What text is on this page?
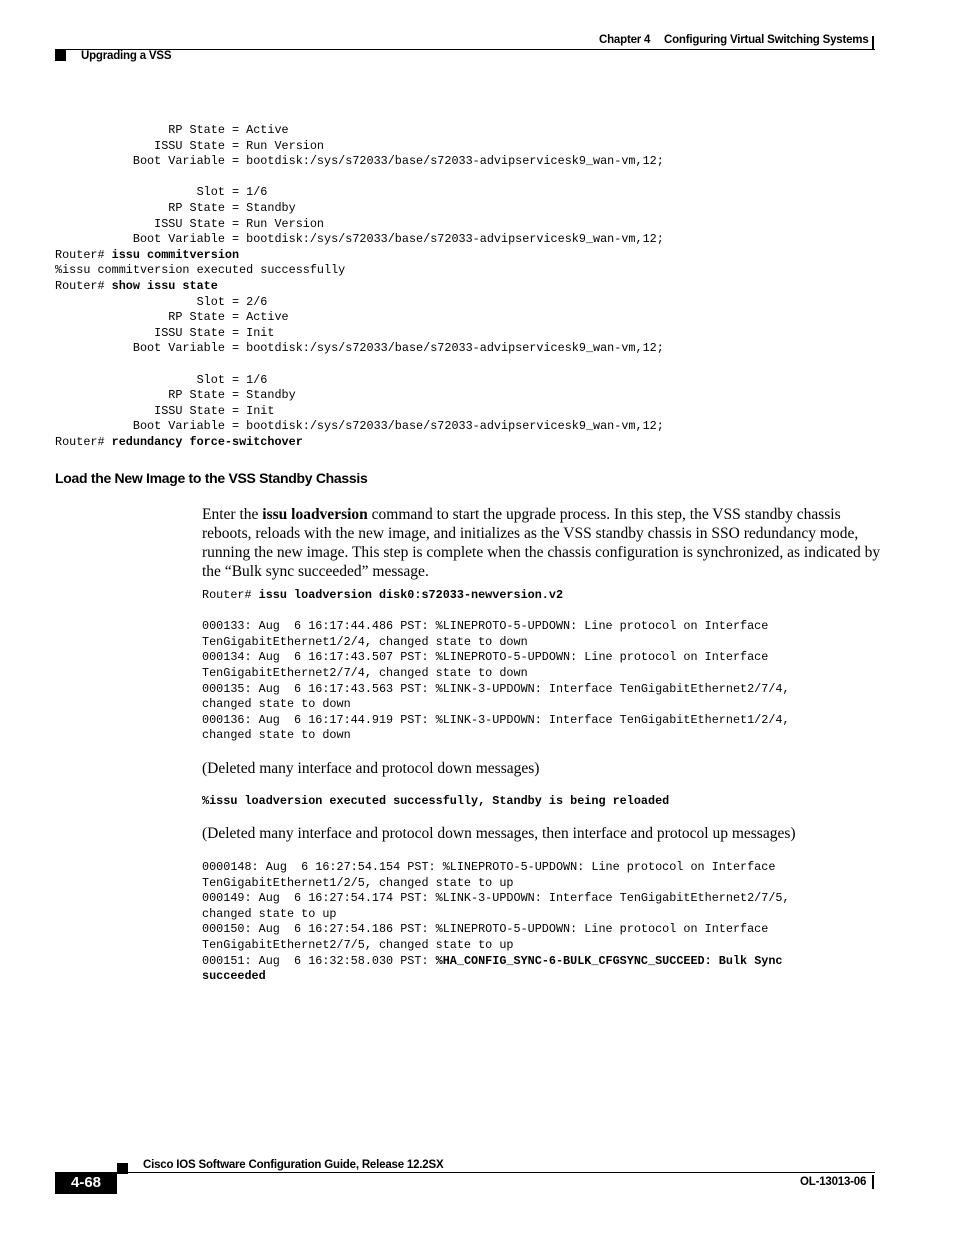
Chapter 4 Configuring Virtual Switching Systems
Upgrading a VSS
RP State = Active
ISSU State = Run Version
Boot Variable = bootdisk:/sys/s72033/base/s72033-advipservicesk9_wan-vm,12;

Slot = 1/6
RP State = Standby
ISSU State = Run Version
Boot Variable = bootdisk:/sys/s72033/base/s72033-advipservicesk9_wan-vm,12;
Router# issu commitversion
%issu commitversion executed successfully
Router# show issu state
Slot = 2/6
RP State = Active
ISSU State = Init
Boot Variable = bootdisk:/sys/s72033/base/s72033-advipservicesk9_wan-vm,12;

Slot = 1/6
RP State = Standby
ISSU State = Init
Boot Variable = bootdisk:/sys/s72033/base/s72033-advipservicesk9_wan-vm,12;
Router# redundancy force-switchover
Load the New Image to the VSS Standby Chassis
Enter the issu loadversion command to start the upgrade process. In this step, the VSS standby chassis reboots, reloads with the new image, and initializes as the VSS standby chassis in SSO redundancy mode, running the new image. This step is complete when the chassis configuration is synchronized, as indicated by the “Bulk sync succeeded” message.
Router# issu loadversion disk0:s72033-newversion.v2

000133: Aug  6 16:17:44.486 PST: %LINEPROTO-5-UPDOWN: Line protocol on Interface
TenGigabitEthernet1/2/4, changed state to down
000134: Aug  6 16:17:43.507 PST: %LINEPROTO-5-UPDOWN: Line protocol on Interface
TenGigabitEthernet2/7/4, changed state to down
000135: Aug  6 16:17:43.563 PST: %LINK-3-UPDOWN: Interface TenGigabitEthernet2/7/4,
changed state to down
000136: Aug  6 16:17:44.919 PST: %LINK-3-UPDOWN: Interface TenGigabitEthernet1/2/4,
changed state to down
(Deleted many interface and protocol down messages)
%issu loadversion executed successfully, Standby is being reloaded
(Deleted many interface and protocol down messages, then interface and protocol up messages)
0000148: Aug  6 16:27:54.154 PST: %LINEPROTO-5-UPDOWN: Line protocol on Interface
TenGigabitEthernet1/2/5, changed state to up
000149: Aug  6 16:27:54.174 PST: %LINK-3-UPDOWN: Interface TenGigabitEthernet2/7/5,
changed state to up
000150: Aug  6 16:27:54.186 PST: %LINEPROTO-5-UPDOWN: Line protocol on Interface
TenGigabitEthernet2/7/5, changed state to up
000151: Aug  6 16:32:58.030 PST: %HA_CONFIG_SYNC-6-BULK_CFGSYNC_SUCCEED: Bulk Sync
succeeded
Cisco IOS Software Configuration Guide, Release 12.2SX
4-68	OL-13013-06
